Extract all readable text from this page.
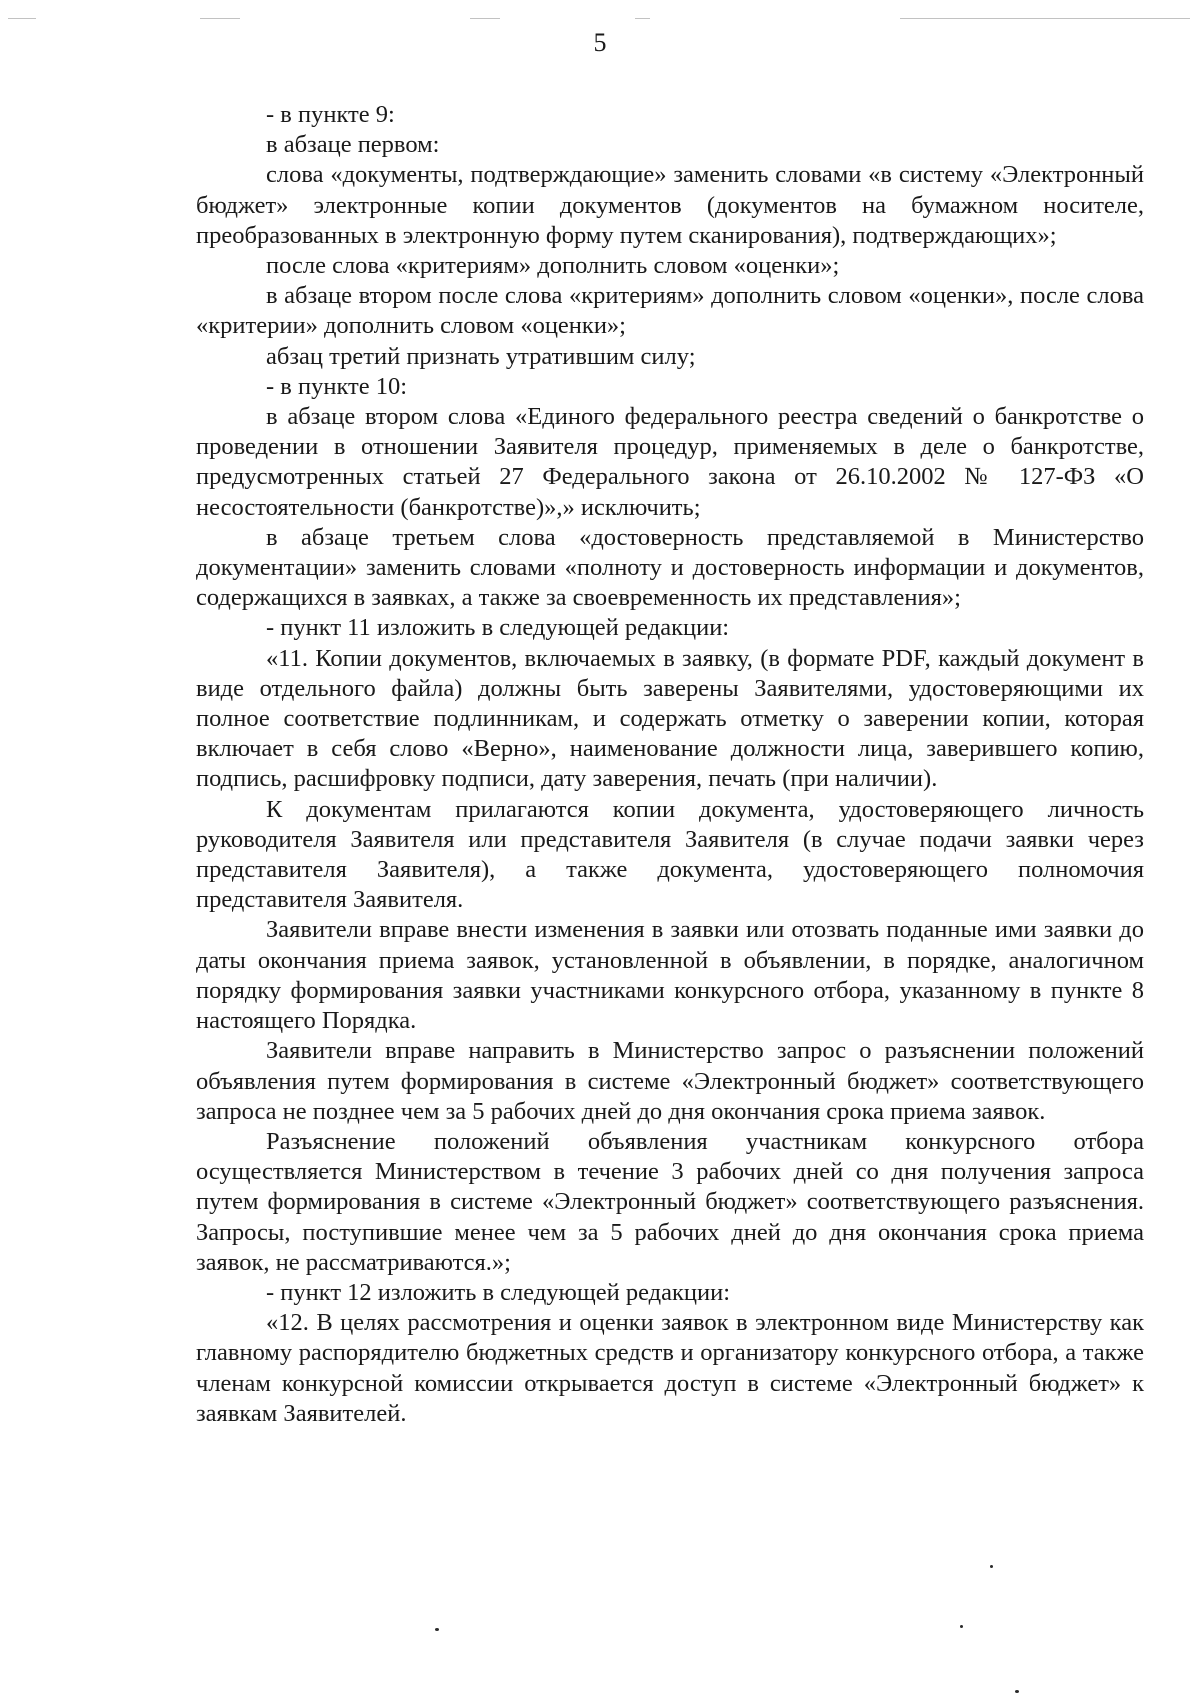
5

- в пункте 9:

в абзаце первом:

слова «документы, подтверждающие» заменить словами «в систему «Электронный бюджет» электронные копии документов (документов на бумажном носителе, преобразованных в электронную форму путем сканирования), подтверждающих»;

после слова «критериям» дополнить словом «оценки»;

в абзаце втором после слова «критериям» дополнить словом «оценки», после слова «критерии» дополнить словом «оценки»;

абзац третий признать утратившим силу;

- в пункте 10:

в абзаце втором слова «Единого федерального реестра сведений о банкротстве о проведении в отношении Заявителя процедур, применяемых в деле о банкротстве, предусмотренных статьей 27 Федерального закона от 26.10.2002 № 127-ФЗ «О несостоятельности (банкротстве)»,» исключить;

в абзаце третьем слова «достоверность представляемой в Министерство документации» заменить словами «полноту и достоверность информации и документов, содержащихся в заявках, а также за своевременность их представления»;

- пункт 11 изложить в следующей редакции:

«11. Копии документов, включаемых в заявку, (в формате PDF, каждый документ в виде отдельного файла) должны быть заверены Заявителями, удостоверяющими их полное соответствие подлинникам, и содержать отметку о заверении копии, которая включает в себя слово «Верно», наименование должности лица, заверившего копию, подпись, расшифровку подписи, дату заверения, печать (при наличии).

К документам прилагаются копии документа, удостоверяющего личность руководителя Заявителя или представителя Заявителя (в случае подачи заявки через представителя Заявителя), а также документа, удостоверяющего полномочия представителя Заявителя.

Заявители вправе внести изменения в заявки или отозвать поданные ими заявки до даты окончания приема заявок, установленной в объявлении, в порядке, аналогичном порядку формирования заявки участниками конкурсного отбора, указанному в пункте 8 настоящего Порядка.

Заявители вправе направить в Министерство запрос о разъяснении положений объявления путем формирования в системе «Электронный бюджет» соответствующего запроса не позднее чем за 5 рабочих дней до дня окончания срока приема заявок.

Разъяснение положений объявления участникам конкурсного отбора осуществляется Министерством в течение 3 рабочих дней со дня получения запроса путем формирования в системе «Электронный бюджет» соответствующего разъяснения. Запросы, поступившие менее чем за 5 рабочих дней до дня окончания срока приема заявок, не рассматриваются.»;

- пункт 12 изложить в следующей редакции:

«12. В целях рассмотрения и оценки заявок в электронном виде Министерству как главному распорядителю бюджетных средств и организатору конкурсного отбора, а также членам конкурсной комиссии открывается доступ в системе «Электронный бюджет» к заявкам Заявителей.
